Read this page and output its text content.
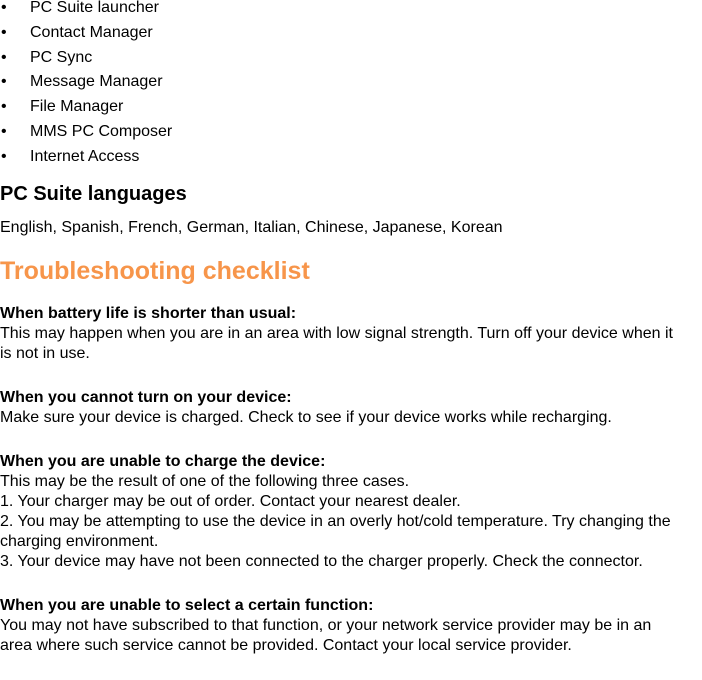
• PC Suite launcher
• Contact Manager
• PC Sync
• Message Manager
• File Manager
• MMS PC Composer
• Internet Access
PC Suite languages
English, Spanish, French, German, Italian, Chinese, Japanese, Korean
Troubleshooting checklist
When battery life is shorter than usual:
This may happen when you are in an area with low signal strength. Turn off your device when it
is not in use.
When you cannot turn on your device:
Make sure your device is charged. Check to see if your device works while recharging.
When you are unable to charge the device:
This may be the result of one of the following three cases.
1. Your charger may be out of order. Contact your nearest dealer.
2. You may be attempting to use the device in an overly hot/cold temperature. Try changing the
charging environment.
3. Your device may have not been connected to the charger properly. Check the connector.
When you are unable to select a certain function:
You may not have subscribed to that function, or your network service provider may be in an
area where such service cannot be provided. Contact your local service provider.
